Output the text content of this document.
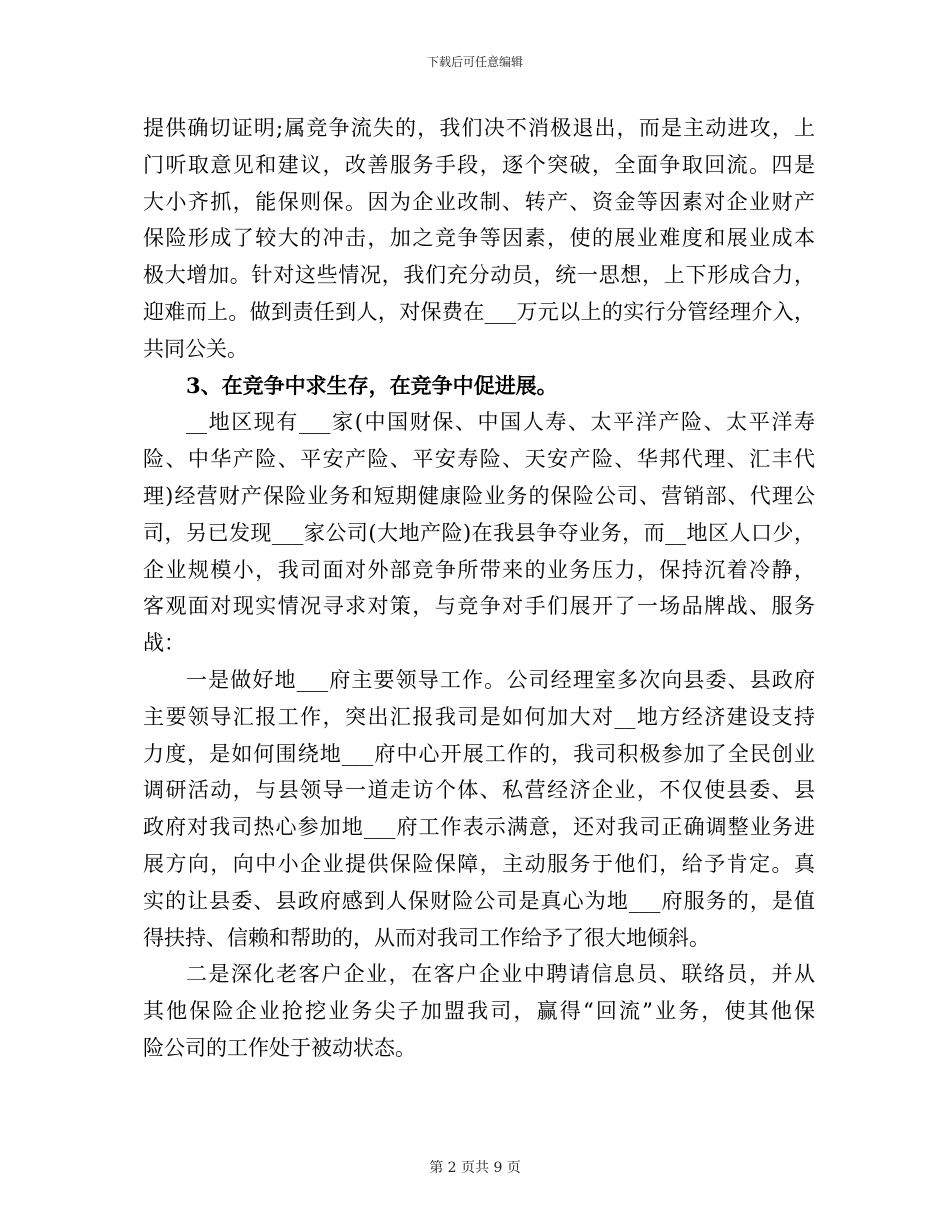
下载后可任意编辑
提供确切证明;属竞争流失的，我们决不消极退出，而是主动进攻，上
门听取意见和建议，改善服务手段，逐个突破，全面争取回流。四是
大小齐抓，能保则保。因为企业改制、转产、资金等因素对企业财产
保险形成了较大的冲击，加之竞争等因素，使的展业难度和展业成本
极大增加。针对这些情况，我们充分动员，统一思想，上下形成合力，
迎难而上。做到责任到人，对保费在___万元以上的实行分管经理介入，
共同公关。
3、在竞争中求生存，在竞争中促进展。
__地区现有___家(中国财保、中国人寿、太平洋产险、太平洋寿
险、中华产险、平安产险、平安寿险、天安产险、华邦代理、汇丰代
理)经营财产保险业务和短期健康险业务的保险公司、营销部、代理公
司，另已发现___家公司(大地产险)在我县争夺业务，而__地区人口少，
企业规模小，我司面对外部竞争所带来的业务压力，保持沉着冷静，
客观面对现实情况寻求对策，与竞争对手们展开了一场品牌战、服务
战：
一是做好地___府主要领导工作。公司经理室多次向县委、县政府
主要领导汇报工作，突出汇报我司是如何加大对__地方经济建设支持
力度，是如何围绕地___府中心开展工作的，我司积极参加了全民创业
调研活动，与县领导一道走访个体、私营经济企业，不仅使县委、县
政府对我司热心参加地___府工作表示满意，还对我司正确调整业务进
展方向，向中小企业提供保险保障，主动服务于他们，给予肯定。真
实的让县委、县政府感到人保财险公司是真心为地___府服务的，是值
得扶持、信赖和帮助的，从而对我司工作给予了很大地倾斜。
二是深化老客户企业，在客户企业中聘请信息员、联络员，并从
其他保险企业抢挖业务尖子加盟我司，赢得“回流”业务，使其他保
险公司的工作处于被动状态。
第 2 页共 9 页
